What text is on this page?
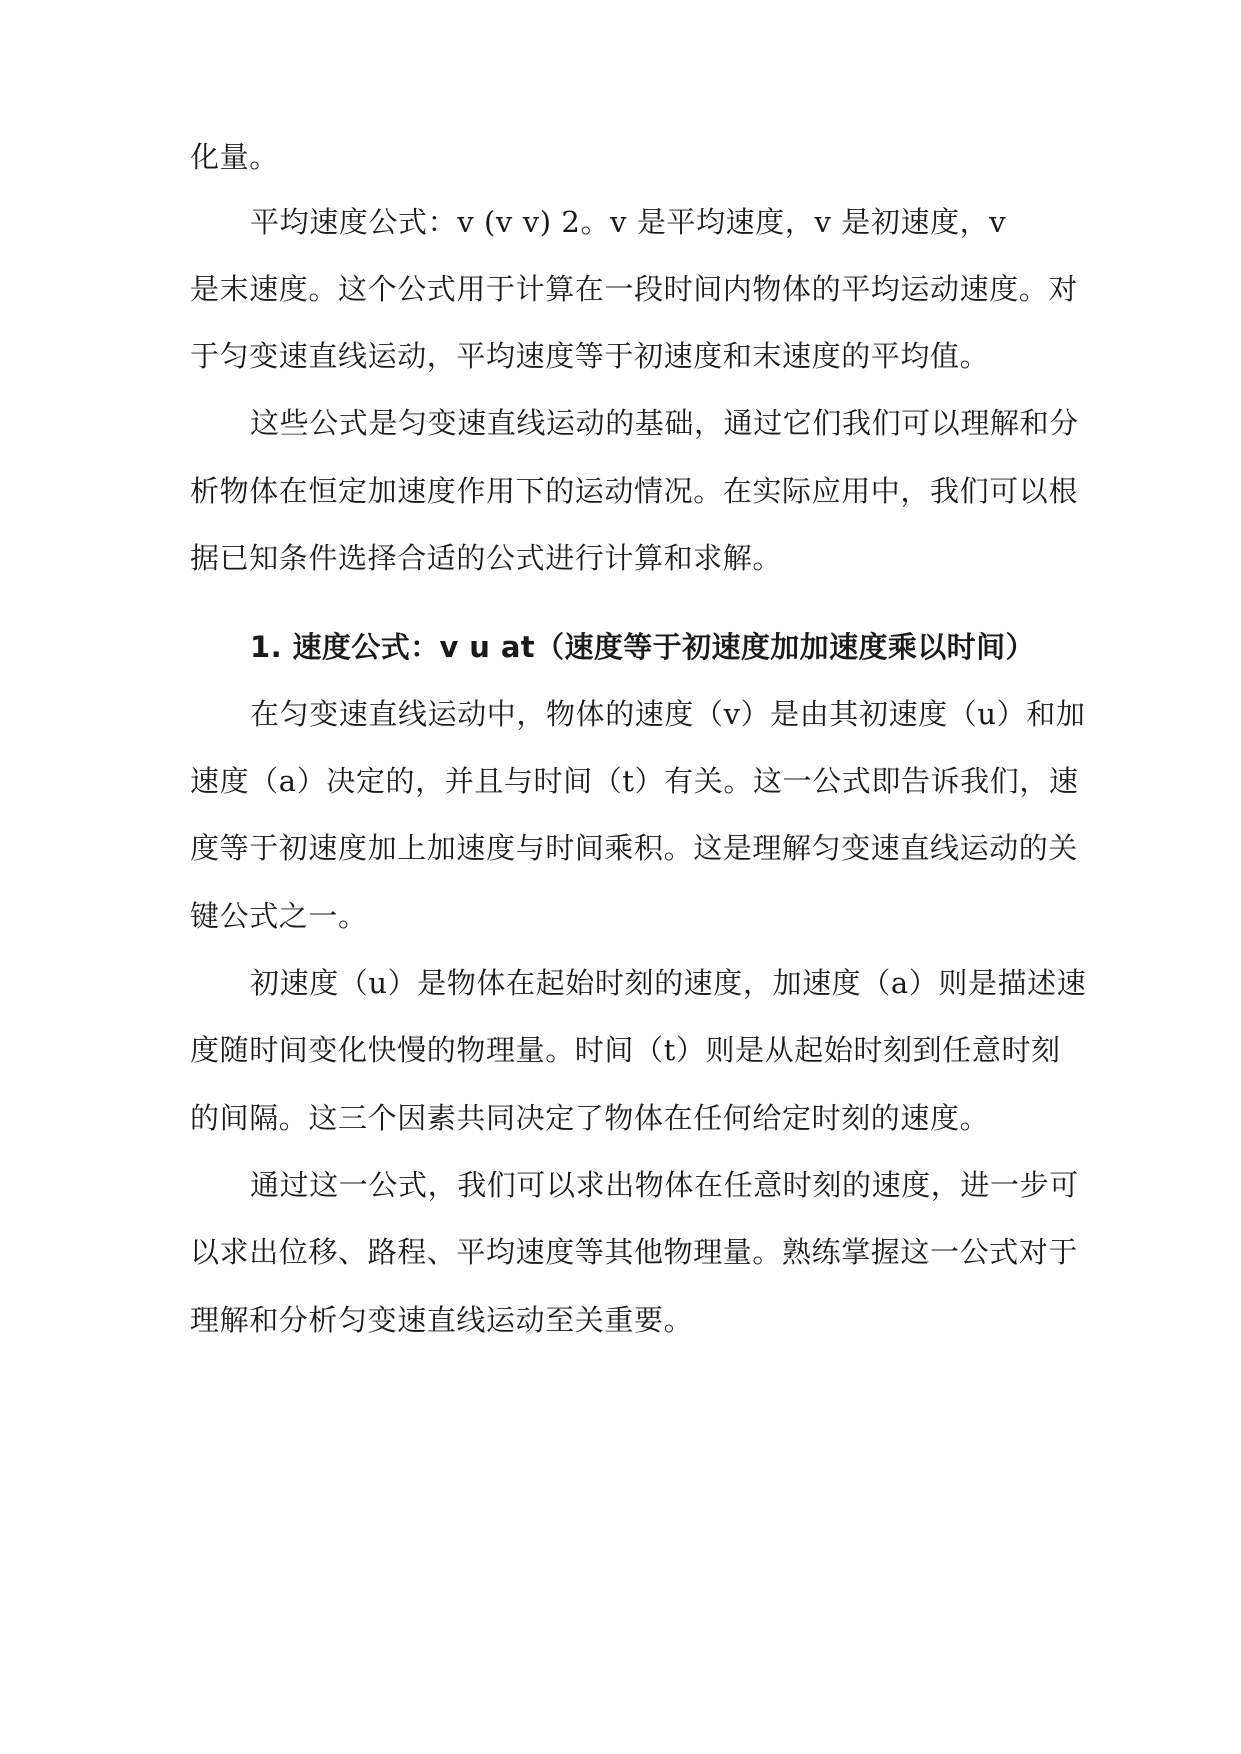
化量。
平均速度公式：v (v v) 2。v 是平均速度，v 是初速度，v
是末速度。这个公式用于计算在一段时间内物体的平均运动速度。对
于匀变速直线运动，平均速度等于初速度和末速度的平均值。
这些公式是匀变速直线运动的基础，通过它们我们可以理解和分
析物体在恒定加速度作用下的运动情况。在实际应用中，我们可以根
据已知条件选择合适的公式进行计算和求解。
1. 速度公式：v u at（速度等于初速度加加速度乘以时间）
在匀变速直线运动中，物体的速度（v）是由其初速度（u）和加
速度（a）决定的，并且与时间（t）有关。这一公式即告诉我们，速
度等于初速度加上加速度与时间乘积。这是理解匀变速直线运动的关
键公式之一。
初速度（u）是物体在起始时刻的速度，加速度（a）则是描述速
度随时间变化快慢的物理量。时间（t）则是从起始时刻到任意时刻
的间隔。这三个因素共同决定了物体在任何给定时刻的速度。
通过这一公式，我们可以求出物体在任意时刻的速度，进一步可
以求出位移、路程、平均速度等其他物理量。熟练掌握这一公式对于
理解和分析匀变速直线运动至关重要。
